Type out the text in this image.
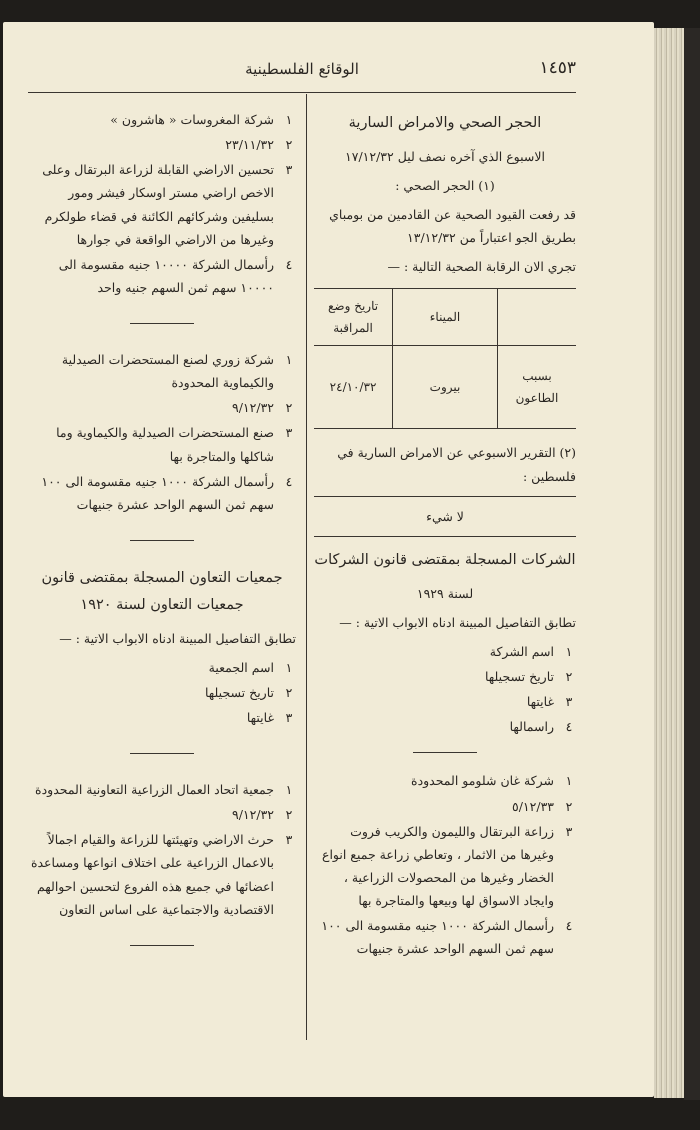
١٤٥٣
الوقائع الفلسطينية
الحجر الصحي والامراض السارية
الاسبوع الذي آخره نصف ليل ١٧/١٢/٣٢
(١) الحجر الصحي :
قد رفعت القيود الصحية عن القادمين من بومباي بطريق الجو اعتباراً من ١٣/١٢/٣٢
تجري الان الرقابة الصحية التالية : —
	الميناء	تاريخ وضع المراقبة
بسبب الطاعون	بيروت	٢٤/١٠/٣٢
(٢) التقرير الاسبوعي عن الامراض السارية في فلسطين :
لا شيء
الشركات المسجلة بمقتضى قانون الشركات
لسنة ١٩٢٩
تطابق التفاصيل المبينة ادناه الابواب الاتية : —
١
اسم الشركة
٢
تاريخ تسجيلها
٣
غايتها
٤
راسمالها
١
شركة غان شلومو المحدودة
٢
٥/١٢/٣٣
٣
زراعة البرتقال والليمون والكريب فروت وغيرها من الاثمار ، وتعاطي زراعة جميع انواع الخضار وغيرها من المحصولات الزراعية ، وايجاد الاسواق لها وبيعها والمتاجرة بها
٤
رأسمال الشركة ١٠٠٠ جنيه مقسومة الى ١٠٠ سهم ثمن السهم الواحد عشرة جنيهات
١
شركة المغروسات « هاشرون »
٢
٢٣/١١/٣٢
٣
تحسين الاراضي القابلة لزراعة البرتقال وعلى الاخص اراضي مستر اوسكار فيشر ومور بسليفين وشركائهم الكائنة في قضاء طولكرم وغيرها من الاراضي الواقعة في جوارها
٤
رأسمال الشركة ١٠٠٠٠ جنيه مقسومة الى ١٠٠٠٠ سهم ثمن السهم جنيه واحد
١
شركة زوري لصنع المستحضرات الصيدلية والكيماوية المحدودة
٢
٩/١٢/٣٢
٣
صنع المستحضرات الصيدلية والكيماوية وما شاكلها والمتاجرة بها
٤
رأسمال الشركة ١٠٠٠ جنيه مقسومة الى ١٠٠ سهم ثمن السهم الواحد عشرة جنيهات
جمعيات التعاون المسجلة بمقتضى قانون
جمعيات التعاون لسنة ١٩٢٠
تطابق التفاصيل المبينة ادناه الابواب الاتية : —
١
اسم الجمعية
٢
تاريخ تسجيلها
٣
غايتها
١
جمعية اتحاد العمال الزراعية التعاونية المحدودة
٢
٩/١٢/٣٢
٣
حرث الاراضي وتهيئتها للزراعة والقيام اجمالاً بالاعمال الزراعية على اختلاف انواعها ومساعدة اعضائها في جميع هذه الفروع لتحسين احوالهم الاقتصادية والاجتماعية على اساس التعاون
